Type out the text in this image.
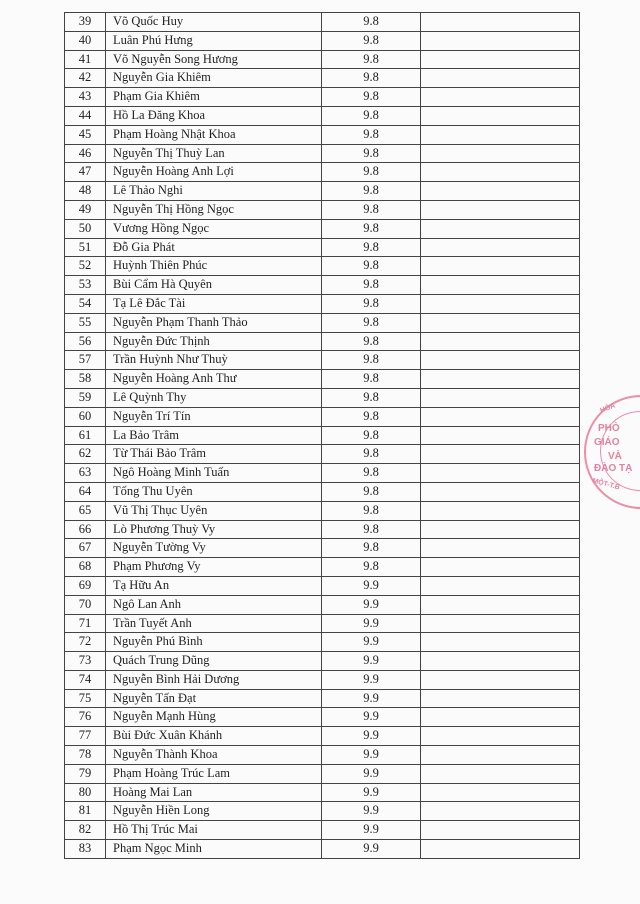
39	Võ Quốc Huy	9.8	
40	Luân Phú Hưng	9.8	
41	Võ Nguyễn Song Hương	9.8	
42	Nguyễn Gia Khiêm	9.8	
43	Phạm Gia Khiêm	9.8	
44	Hồ La Đăng Khoa	9.8	
45	Phạm Hoàng Nhật Khoa	9.8	
46	Nguyễn Thị Thuỳ Lan	9.8	
47	Nguyễn Hoàng Anh Lợi	9.8	
48	Lê Thảo Nghi	9.8	
49	Nguyễn Thị Hồng Ngọc	9.8	
50	Vương Hồng Ngọc	9.8	
51	Đỗ Gia Phát	9.8	
52	Huỳnh Thiên Phúc	9.8	
53	Bùi Cẩm Hà Quyên	9.8	
54	Tạ Lê Đắc Tài	9.8	
55	Nguyễn Phạm Thanh Thảo	9.8	
56	Nguyễn Đức Thịnh	9.8	
57	Trần Huỳnh Như Thuỳ	9.8	
58	Nguyễn Hoàng Anh Thư	9.8	
59	Lê Quỳnh Thy	9.8	
60	Nguyễn Trí Tín	9.8	
61	La Bảo Trâm	9.8	
62	Từ Thái Bảo Trâm	9.8	
63	Ngô Hoàng Minh Tuấn	9.8	
64	Tống Thu Uyên	9.8	
65	Vũ Thị Thục Uyên	9.8	
66	Lò Phương Thuỳ Vy	9.8	
67	Nguyễn Tường Vy	9.8	
68	Phạm Phương Vy	9.8	
69	Tạ Hữu An	9.9	
70	Ngô Lan Anh	9.9	
71	Trần Tuyết Anh	9.9	
72	Nguyễn Phú Bình	9.9	
73	Quách Trung Dũng	9.9	
74	Nguyễn Bình Hải Dương	9.9	
75	Nguyễn Tấn Đạt	9.9	
76	Nguyễn Mạnh Hùng	9.9	
77	Bùi Đức Xuân Khánh	9.9	
78	Nguyễn Thành Khoa	9.9	
79	Phạm Hoàng Trúc Lam	9.9	
80	Hoàng Mai Lan	9.9	
81	Nguyễn Hiền Long	9.9	
82	Hồ Thị Trúc Mai	9.9	
83	Phạm Ngọc Minh	9.9	
HÒA
PHÒ
GIÁO
VÀ
ĐÀO TẠ
MỘT-T.B
